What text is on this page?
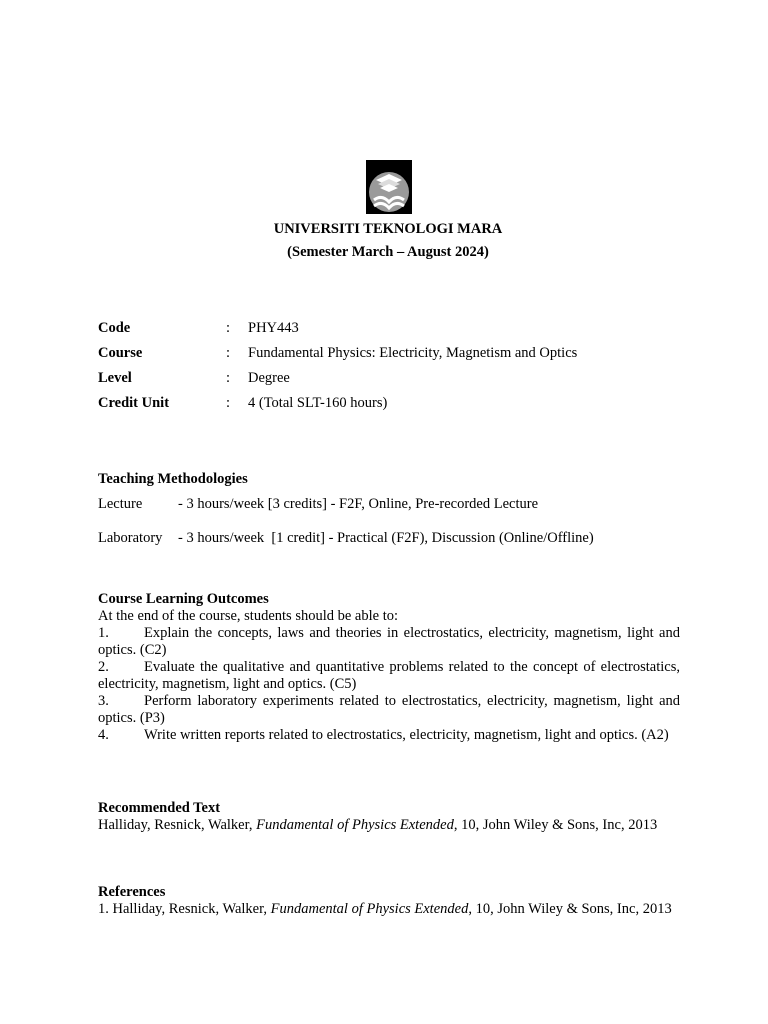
UNIVERSITI TEKNOLOGI MARA
(Semester March – August 2024)
Code	:	PHY443
Course	:	Fundamental Physics: Electricity, Magnetism and Optics
Level	:	Degree
Credit Unit	:	4 (Total SLT-160 hours)
Teaching Methodologies
Lecture	- 3 hours/week [3 credits] - F2F, Online, Pre-recorded Lecture
Laboratory	- 3 hours/week  [1 credit] - Practical (F2F), Discussion (Online/Offline)
Course Learning Outcomes
At the end of the course, students should be able to:
1. Explain the concepts, laws and theories in electrostatics, electricity, magnetism, light and optics. (C2)
2. Evaluate the qualitative and quantitative problems related to the concept of electrostatics, electricity, magnetism, light and optics. (C5)
3. Perform laboratory experiments related to electrostatics, electricity, magnetism, light and optics. (P3)
4. Write written reports related to electrostatics, electricity, magnetism, light and optics. (A2)
Recommended Text
Halliday, Resnick, Walker, Fundamental of Physics Extended, 10, John Wiley & Sons, Inc, 2013
References
1. Halliday, Resnick, Walker, Fundamental of Physics Extended, 10, John Wiley & Sons, Inc, 2013
